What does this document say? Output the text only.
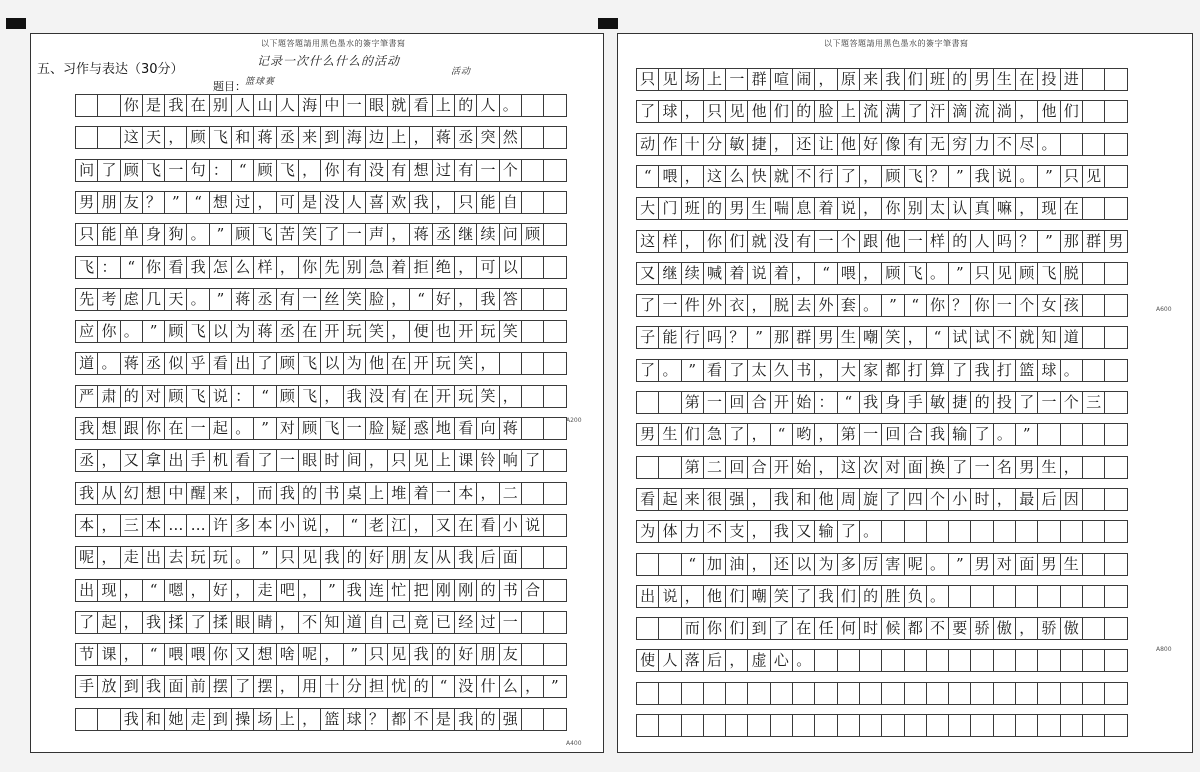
以下題答題請用黑色墨水的簽字筆書寫
五、习作与表达（30分）
题目：
记录一次什么什么的活动
篮球赛
活动
你 是 我 在 别 人 山 人 海 中 一 眼 就 看 上 的 人 。
这 天 ， 顾 飞 和 蒋 丞 来 到 海 边 上 ， 蒋 丞 突 然
问 了 顾 飞 一 句 ： “ 顾 飞 ， 你 有 没 有 想 过 有 一 个
男 朋 友 ？ ” “ 想 过 ， 可 是 没 人 喜 欢 我 ， 只 能 自
只 能 单 身 狗 。 ” 顾 飞 苦 笑 了 一 声 ， 蒋 丞 继 续 问 顾
飞 ： “ 你 看 我 怎 么 样 ， 你 先 别 急 着 拒 绝 ， 可 以
先 考 虑 几 天 。 ” 蒋 丞 有 一 丝 笑 脸 ， “ 好 ， 我 答
应 你 。 ” 顾 飞 以 为 蒋 丞 在 开 玩 笑 ， 便 也 开 玩 笑
道 。 蒋 丞 似 乎 看 出 了 顾 飞 以 为 他 在 开 玩 笑 ，
严 肃 的 对 顾 飞 说 ： “ 顾 飞 ， 我 没 有 在 开 玩 笑 ，
我 想 跟 你 在 一 起 。 ” 对 顾 飞 一 脸 疑 惑 地 看 向 蒋
丞 ， 又 拿 出 手 机 看 了 一 眼 时 间 ， 只 见 上 课 铃 响 了
我 从 幻 想 中 醒 来 ， 而 我 的 书 桌 上 堆 着 一 本 ， 二
本 ， 三 本 … … 许 多 本 小 说 ， “ 老 江 ， 又 在 看 小 说
呢 ， 走 出 去 玩 玩 。 ” 只 见 我 的 好 朋 友 从 我 后 面
出 现 ， “ 嗯 ， 好 ， 走 吧 ， ” 我 连 忙 把 刚 刚 的 书 合
了 起 ， 我 揉 了 揉 眼 睛 ， 不 知 道 自 己 竟 已 经 过 一
节 课 ， “ 喂 喂 你 又 想 啥 呢 ， ” 只 见 我 的 好 朋 友
手 放 到 我 面 前 摆 了 摆 ， 用 十 分 担 忧 的 “ 没 什 么 ， ”
我 和 她 走 到 操 场 上 ， 篮 球 ？ 都 不 是 我 的 强
A200
A400
以下題答題請用黑色墨水的簽字筆書寫
只 见 场 上 一 群 喧 闹 ， 原 来 我 们 班 的 男 生 在 投 进
了 球 ， 只 见 他 们 的 脸 上 流 满 了 汗 滴 流 淌 ， 他 们
动 作 十 分 敏 捷 ， 还 让 他 好 像 有 无 穷 力 不 尽 。
“ 喂 ， 这 么 快 就 不 行 了 ， 顾 飞 ？ ” 我 说 。 ” 只 见
大 门 班 的 男 生 喘 息 着 说 ， 你 别 太 认 真 嘛 ， 现 在
这 样 ， 你 们 就 没 有 一 个 跟 他 一 样 的 人 吗 ？ ” 那 群 男
又 继 续 喊 着 说 着 ， “ 喂 ， 顾 飞 。 ” 只 见 顾 飞 脱
了 一 件 外 衣 ， 脱 去 外 套 。 ” “ 你 ？ 你 一 个 女 孩
子 能 行 吗 ？ ” 那 群 男 生 嘲 笑 ， “ 试 试 不 就 知 道
了 。 ” 看 了 太 久 书 ， 大 家 都 打 算 了 我 打 篮 球 。
第 一 回 合 开 始 ： “ 我 身 手 敏 捷 的 投 了 一 个 三
男 生 们 急 了 ， “ 哟 ， 第 一 回 合 我 输 了 。 ”
第 二 回 合 开 始 ， 这 次 对 面 换 了 一 名 男 生 ，
看 起 来 很 强 ， 我 和 他 周 旋 了 四 个 小 时 ， 最 后 因
为 体 力 不 支 ， 我 又 输 了 。
“ 加 油 ， 还 以 为 多 厉 害 呢 。 ” 男 对 面 男 生
出 说 ， 他 们 嘲 笑 了 我 们 的 胜 负 。
而 你 们 到 了 在 任 何 时 候 都 不 要 骄 傲 ， 骄 傲
使 人 落 后 ， 虚 心 。
A600
A800
